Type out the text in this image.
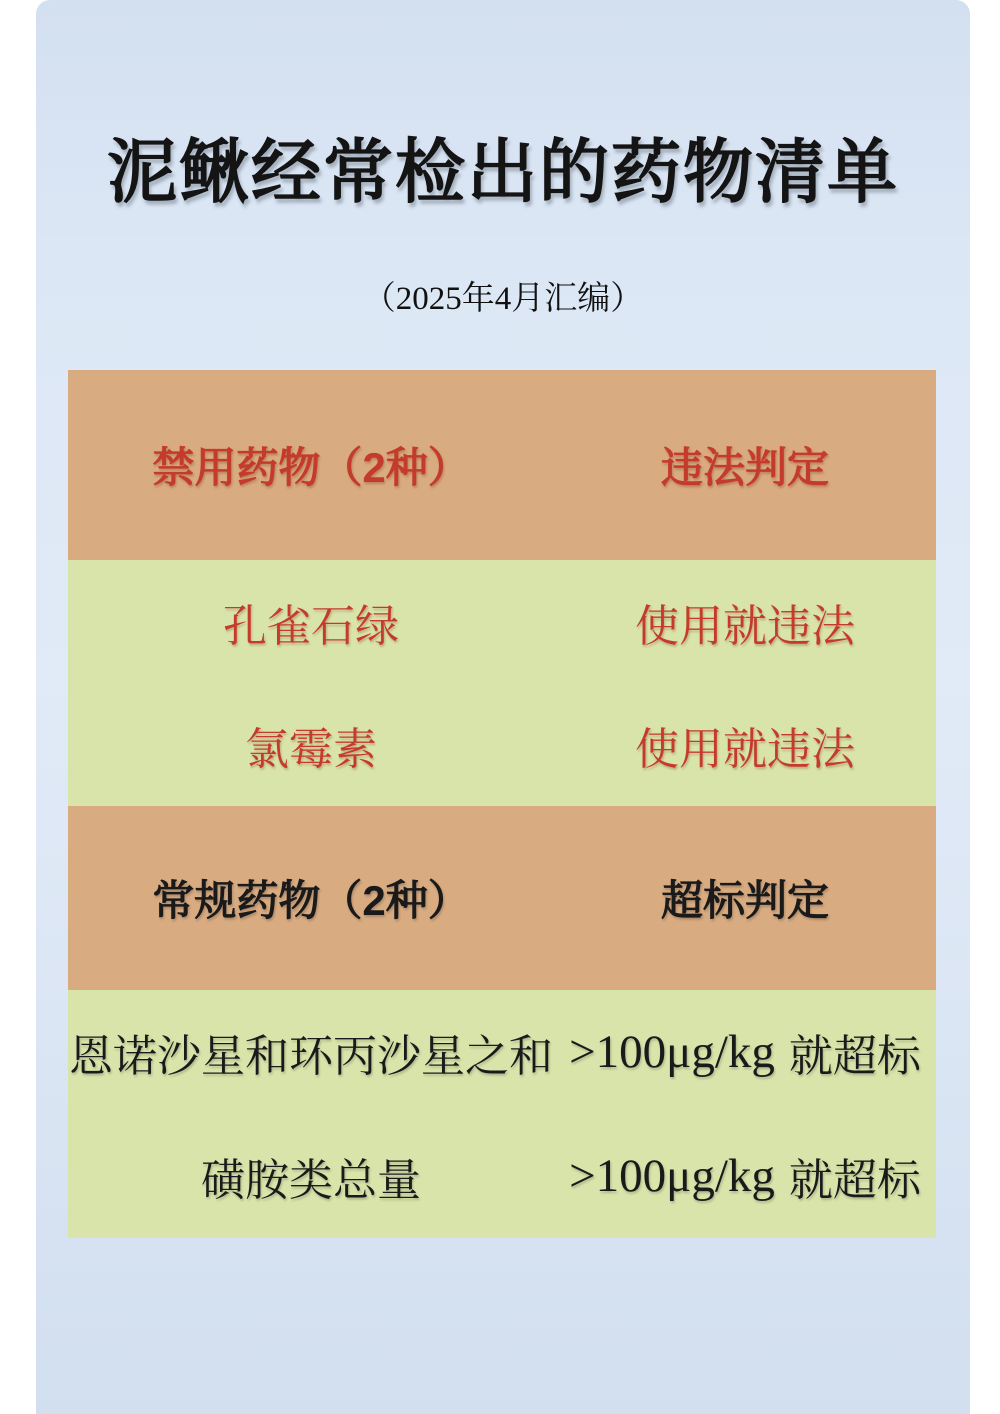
泥鳅经常检出的药物清单
（2025年4月汇编）
禁用药物（2种）	违法判定
孔雀石绿	使用就违法
氯霉素	使用就违法
常规药物（2种）	超标判定
恩诺沙星和环丙沙星之和 >100μg/kg 就超标
磺胺类总量	>100μg/kg 就超标
